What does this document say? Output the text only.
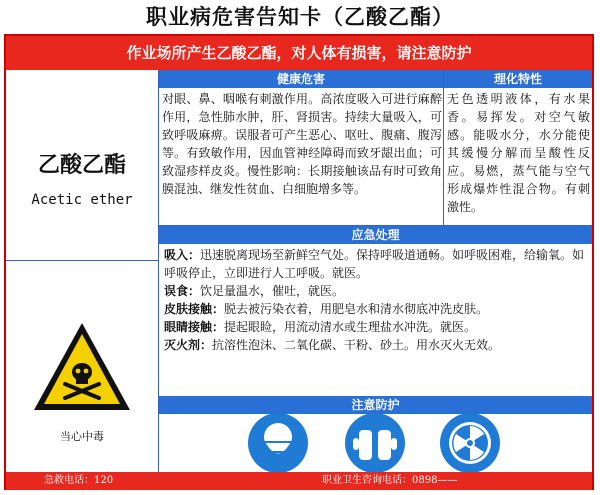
职业病危害告知卡（乙酸乙酯）
作业场所产生乙酸乙酯，对人体有损害，请注意防护
乙酸乙酯
Acetic ether
当心中毒
健康危害	理化特性
对眼、鼻、咽喉有刺激作用。高浓度吸入可进行麻醉作用，急性肺水肿，肝、肾损害。持续大量吸入，可致呼吸麻痹。误服者可产生恶心、呕吐、腹痛、腹泻等。有致敏作用，因血管神经障碍而致牙龈出血；可致湿疹样皮炎。慢性影响：长期接触该品有时可致角膜混浊、继发性贫血、白细胞增多等。
无色透明液体，有水果香。易挥发。对空气敏感。能吸水分，水分能使其缓慢分解而呈酸性反应。易燃，蒸气能与空气形成爆炸性混合物。有刺激性。
应急处理

吸入：迅速脱离现场至新鲜空气处。保持呼吸道通畅。如呼吸困难，给输氧。如呼吸停止，立即进行人工呼吸。就医。

误食：饮足量温水，催吐，就医。

皮肤接触：脱去被污染衣着，用肥皂水和清水彻底冲洗皮肤。

眼睛接触：提起眼睑，用流动清水或生理盐水冲洗。就医。

灭火剂：抗溶性泡沫、二氧化碳、干粉、砂土。用水灭火无效。

注意防护
急救电话：120	职业卫生咨询电话：0898——
